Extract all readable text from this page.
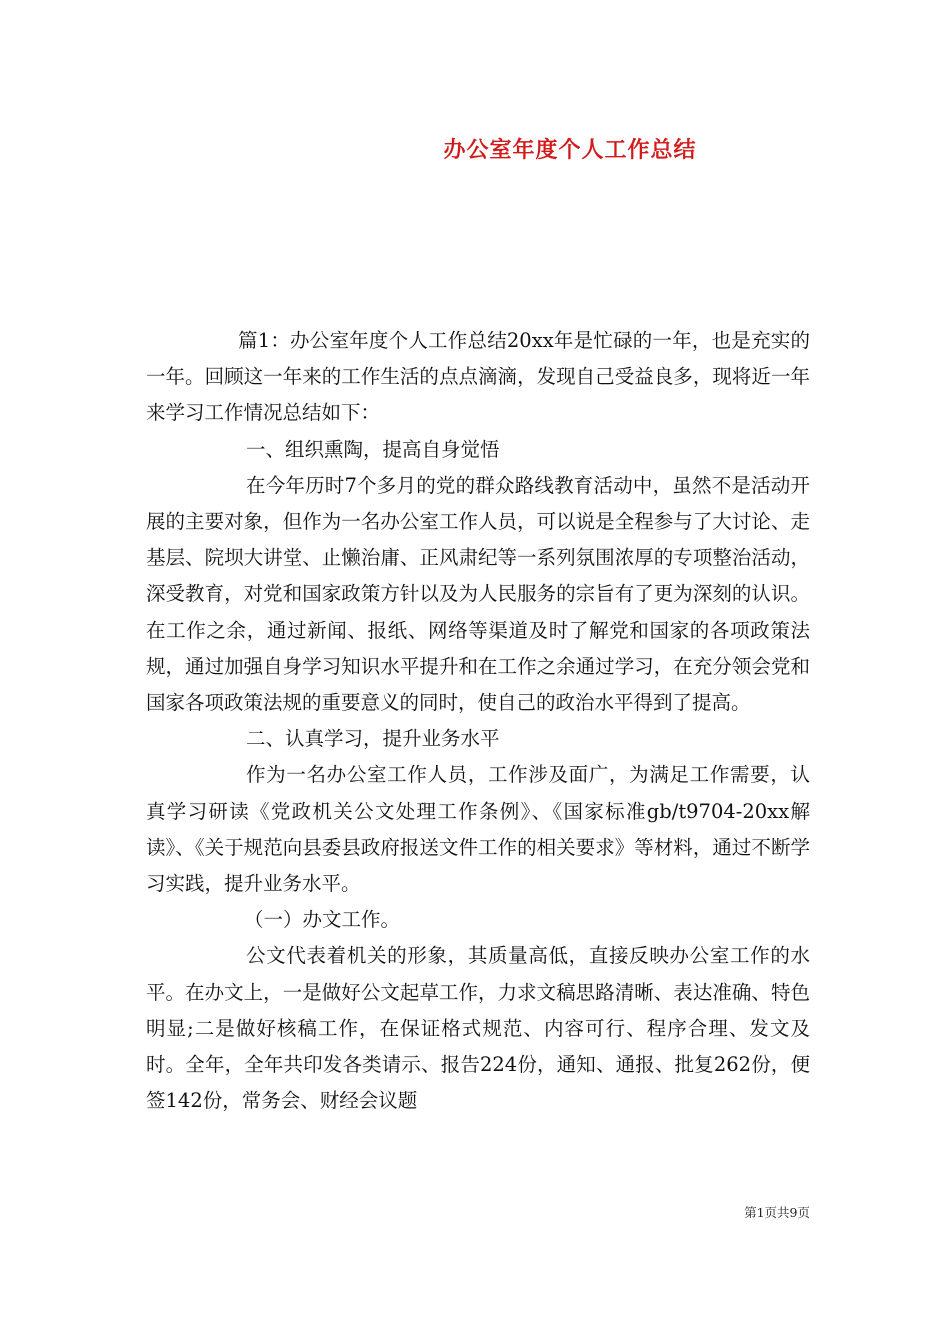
办公室年度个人工作总结

篇1：办公室年度个人工作总结20xx年是忙碌的一年，也是充实的一年。回顾这一年来的工作生活的点点滴滴，发现自己受益良多，现将近一年来学习工作情况总结如下：

一、组织熏陶，提高自身觉悟

在今年历时7个多月的党的群众路线教育活动中，虽然不是活动开展的主要对象，但作为一名办公室工作人员，可以说是全程参与了大讨论、走基层、院坝大讲堂、止懒治庸、正风肃纪等一系列氛围浓厚的专项整治活动，深受教育，对党和国家政策方针以及为人民服务的宗旨有了更为深刻的认识。在工作之余，通过新闻、报纸、网络等渠道及时了解党和国家的各项政策法规，通过加强自身学习知识水平提升和在工作之余通过学习，在充分领会党和国家各项政策法规的重要意义的同时，使自己的政治水平得到了提高。

二、认真学习，提升业务水平

作为一名办公室工作人员，工作涉及面广，为满足工作需要，认真学习研读《党政机关公文处理工作条例》、《国家标准gb/t9704-20xx解读》、《关于规范向县委县政府报送文件工作的相关要求》等材料，通过不断学习实践，提升业务水平。

（一）办文工作。

公文代表着机关的形象，其质量高低，直接反映办公室工作的水平。在办文上，一是做好公文起草工作，力求文稿思路清晰、表达准确、特色明显;二是做好核稿工作，在保证格式规范、内容可行、程序合理、发文及时。全年，全年共印发各类请示、报告224份，通知、通报、批复262份，便签142份，常务会、财经会议题

第1页共9页
